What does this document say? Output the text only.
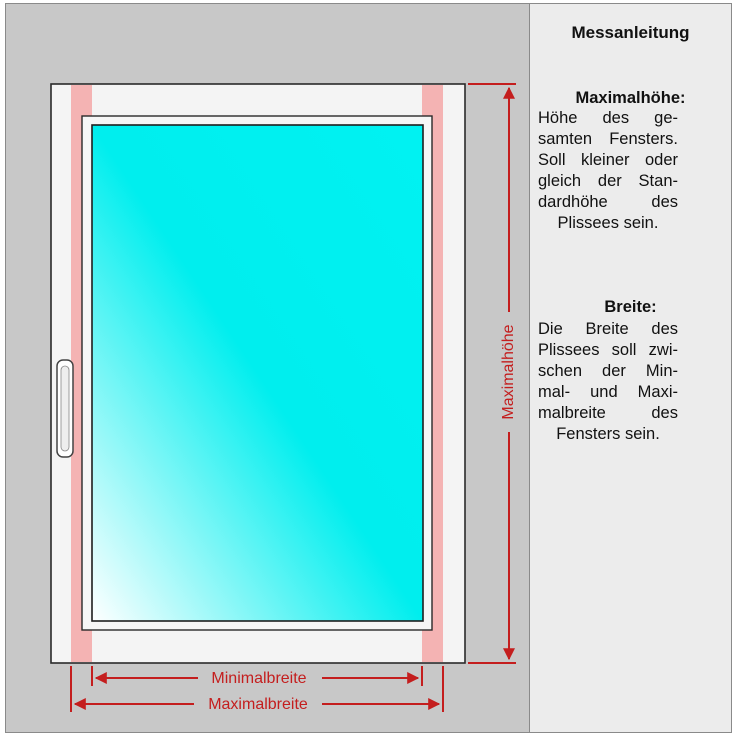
Maximalhöhe
Minimalbreite
Maximalbreite
Messanleitung
Maximalhöhe:
Höhe des ge-
samten Fensters.
Soll kleiner oder
gleich der Stan-
dardhöhe des
Plissees sein.
Breite:
Die Breite des
Plissees soll zwi-
schen der Min-
mal- und Maxi-
malbreite des
Fensters sein.
